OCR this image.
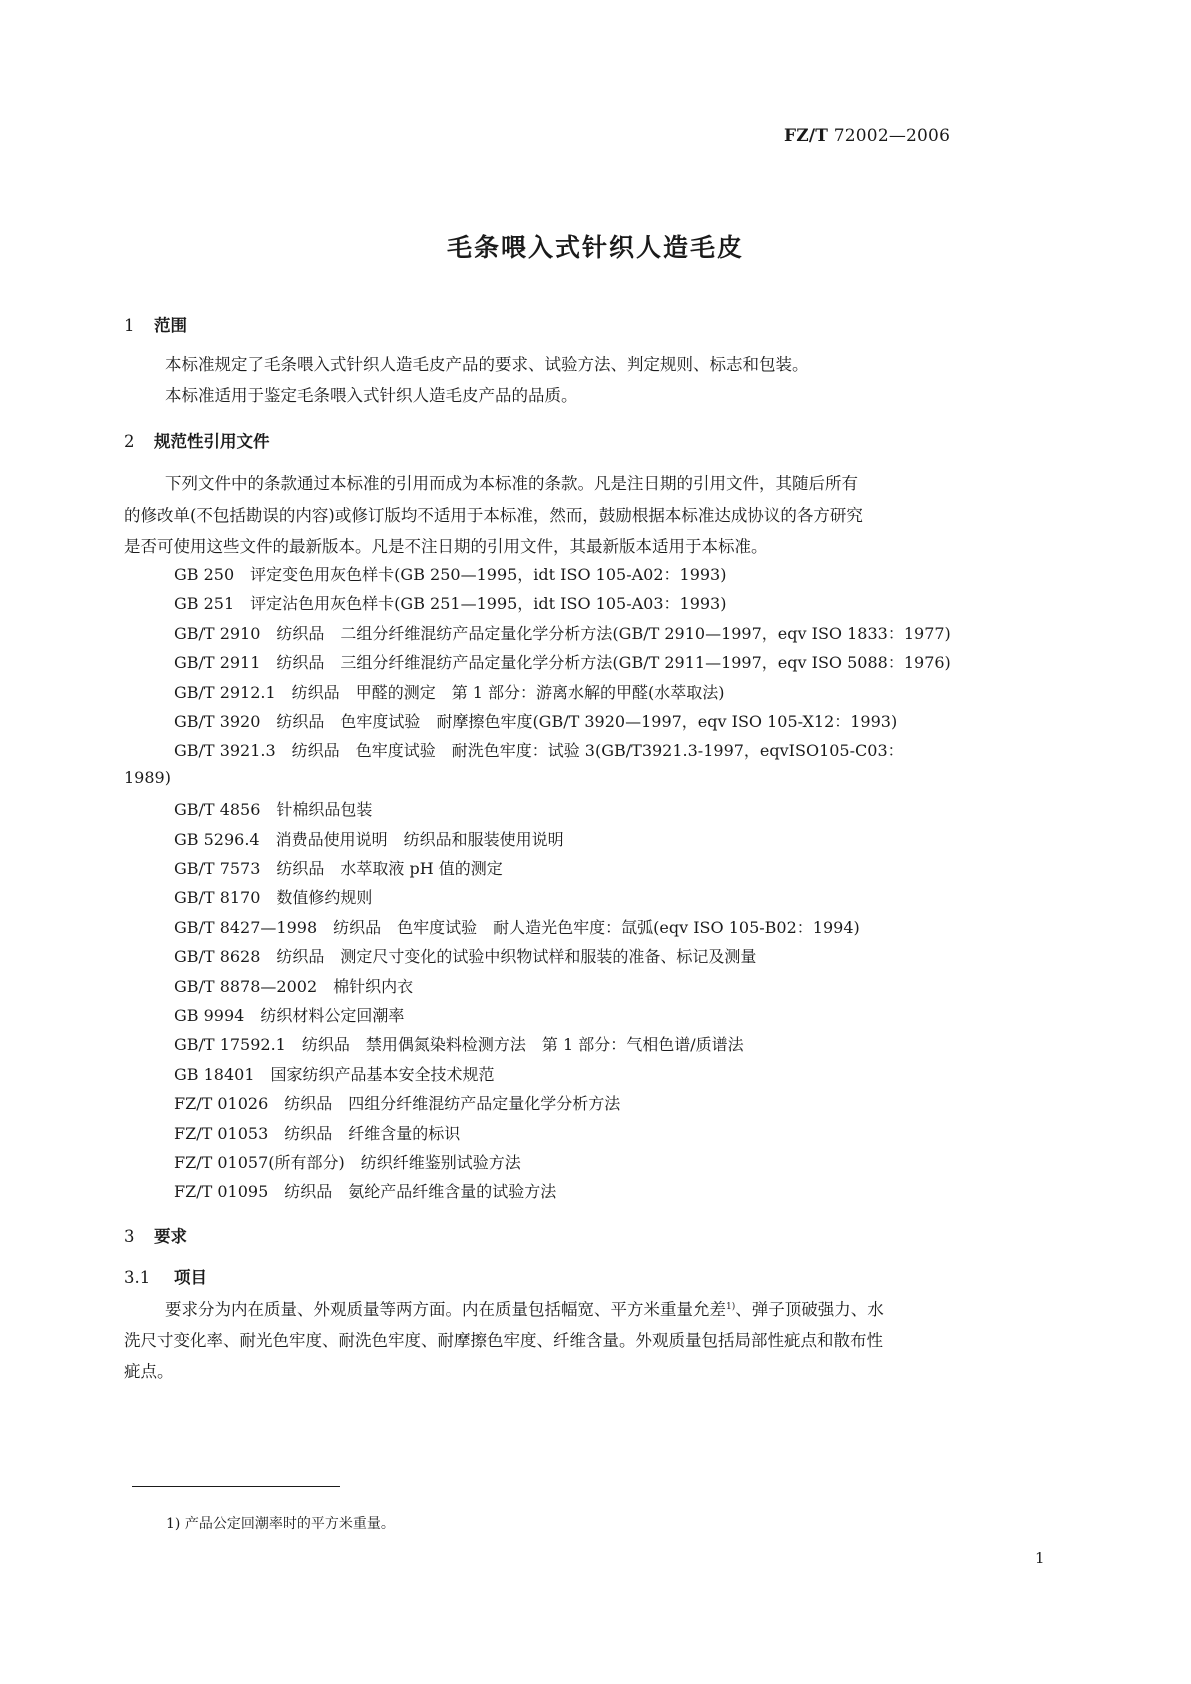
FZ/T 72002—2006
毛条喂入式针织人造毛皮
1 范围
本标准规定了毛条喂入式针织人造毛皮产品的要求、试验方法、判定规则、标志和包装。
本标准适用于鉴定毛条喂入式针织人造毛皮产品的品质。
2 规范性引用文件
下列文件中的条款通过本标准的引用而成为本标准的条款。凡是注日期的引用文件，其随后所有
的修改单(不包括勘误的内容)或修订版均不适用于本标准，然而，鼓励根据本标准达成协议的各方研究
是否可使用这些文件的最新版本。凡是不注日期的引用文件，其最新版本适用于本标准。
GB 250 评定变色用灰色样卡(GB 250—1995，idt ISO 105-A02：1993)
GB 251 评定沾色用灰色样卡(GB 251—1995，idt ISO 105-A03：1993)
GB/T 2910 纺织品 二组分纤维混纺产品定量化学分析方法(GB/T 2910—1997，eqv ISO 1833：1977)
GB/T 2911 纺织品 三组分纤维混纺产品定量化学分析方法(GB/T 2911—1997，eqv ISO 5088：1976)
GB/T 2912.1 纺织品 甲醛的测定 第 1 部分：游离水解的甲醛(水萃取法)
GB/T 3920 纺织品 色牢度试验 耐摩擦色牢度(GB/T 3920—1997，eqv ISO 105-X12：1993)
GB/T 3921.3 纺织品 色牢度试验 耐洗色牢度：试验 3(GB/T3921.3-1997，eqvISO105-C03：
1989)
GB/T 4856 针棉织品包装
GB 5296.4 消费品使用说明 纺织品和服装使用说明
GB/T 7573 纺织品 水萃取液 pH 值的测定
GB/T 8170 数值修约规则
GB/T 8427—1998 纺织品 色牢度试验 耐人造光色牢度：氙弧(eqv ISO 105-B02：1994)
GB/T 8628 纺织品 测定尺寸变化的试验中织物试样和服装的准备、标记及测量
GB/T 8878—2002 棉针织内衣
GB 9994 纺织材料公定回潮率
GB/T 17592.1 纺织品 禁用偶氮染料检测方法 第 1 部分：气相色谱/质谱法
GB 18401 国家纺织产品基本安全技术规范
FZ/T 01026 纺织品 四组分纤维混纺产品定量化学分析方法
FZ/T 01053 纺织品 纤维含量的标识
FZ/T 01057(所有部分) 纺织纤维鉴别试验方法
FZ/T 01095 纺织品 氨纶产品纤维含量的试验方法
3 要求
3.1 项目
要求分为内在质量、外观质量等两方面。内在质量包括幅宽、平方米重量允差$^{1)}$、弹子顶破强力、水
洗尺寸变化率、耐光色牢度、耐洗色牢度、耐摩擦色牢度、纤维含量。外观质量包括局部性疵点和散布性
疵点。
1) 产品公定回潮率时的平方米重量。
1
